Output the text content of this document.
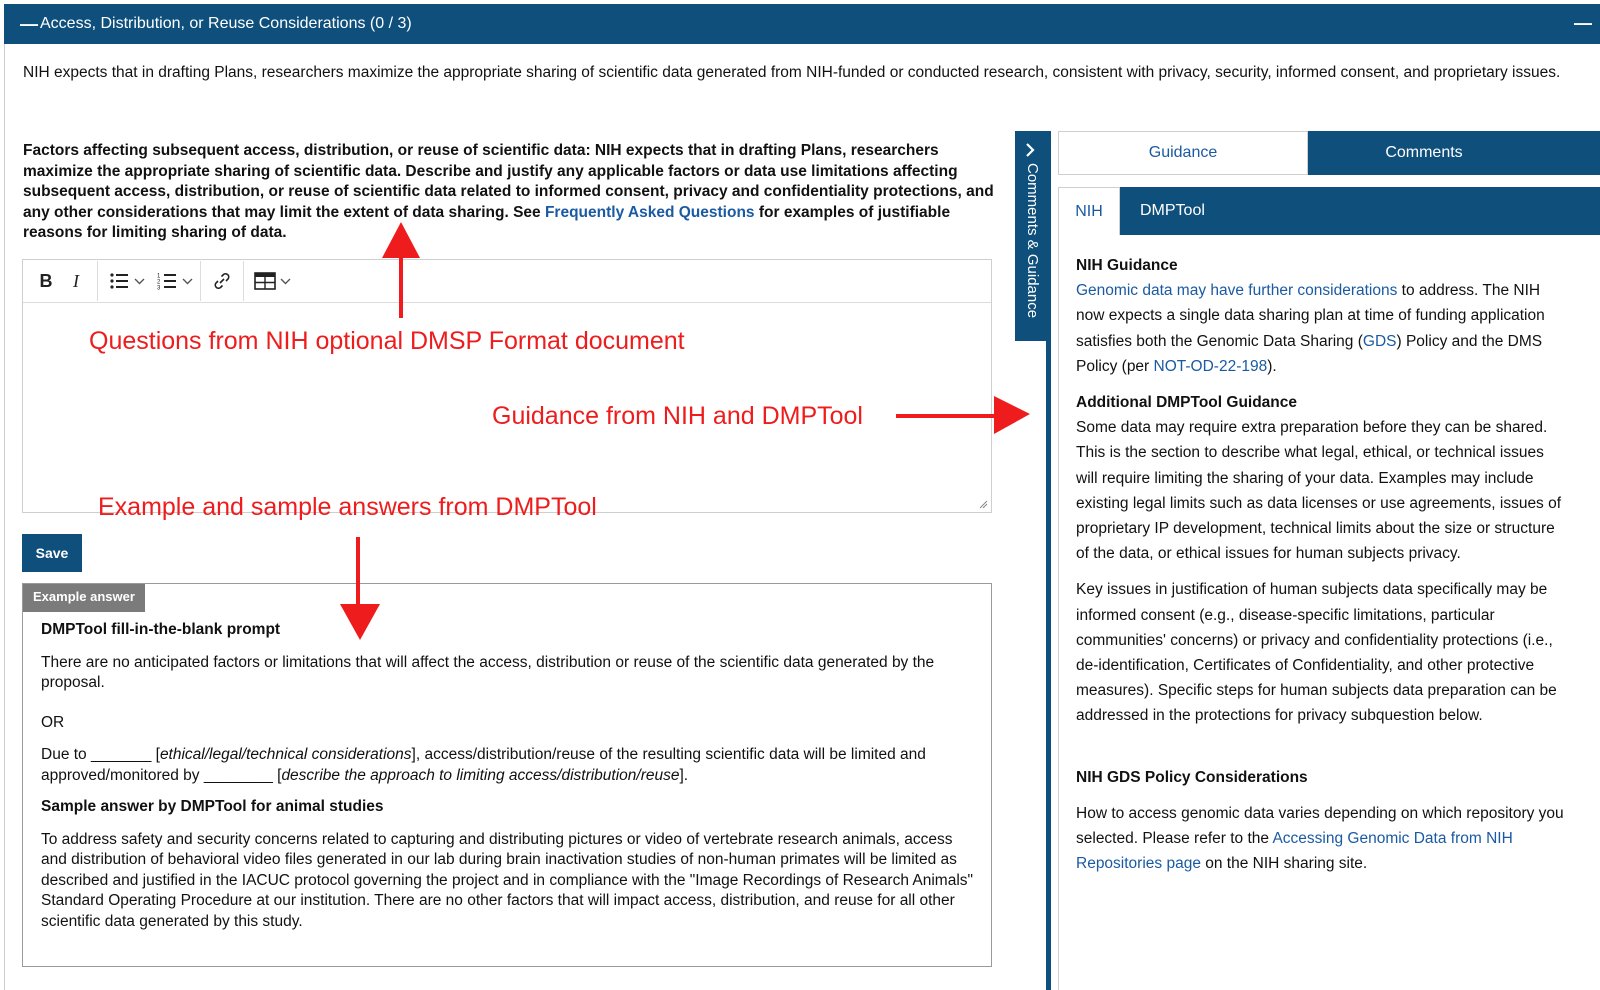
— Access, Distribution, or Reuse Considerations (0 / 3)	—
NIH expects that in drafting Plans, researchers maximize the appropriate sharing of scientific data generated from NIH-funded or conducted research, consistent with privacy, security, informed consent, and proprietary issues.
Factors affecting subsequent access, distribution, or reuse of scientific data: NIH expects that in drafting Plans, researchers maximize the appropriate sharing of scientific data. Describe and justify any applicable factors or data use limitations affecting subsequent access, distribution, or reuse of scientific data related to informed consent, privacy and confidentiality protections, and any other considerations that may limit the extent of data sharing. See Frequently Asked Questions for examples of justifiable reasons for limiting sharing of data.
B	I	1
2
3
Save
Example answer
DMPTool fill-in-the-blank prompt

There are no anticipated factors or limitations that will affect the access, distribution or reuse of the scientific data generated by the proposal.

OR

Due to _______ [ethical/legal/technical considerations], access/distribution/reuse of the resulting scientific data will be limited and approved/monitored by ________ [describe the approach to limiting access/distribution/reuse].

Sample answer by DMPTool for animal studies

To address safety and security concerns related to capturing and distributing pictures or video of vertebrate research animals, access and distribution of behavioral video files generated in our lab during brain inactivation studies of non-human primates will be limited as described and justified in the IACUC protocol governing the project and in compliance with the "Image Recordings of Research Animals" Standard Operating Procedure at our institution. There are no other factors that will impact access, distribution, and reuse for all other scientific data generated by this study.

Comments & Guidance
Guidance	Comments
NIH	DMPTool
NIH Guidance

Genomic data may have further considerations to address. The NIH now expects a single data sharing plan at time of funding application satisfies both the Genomic Data Sharing (GDS) Policy and the DMS Policy (per NOT-OD-22-198).

Additional DMPTool Guidance

Some data may require extra preparation before they can be shared. This is the section to describe what legal, ethical, or technical issues will require limiting the sharing of your data. Examples may include existing legal limits such as data licenses or use agreements, issues of proprietary IP development, technical limits about the size or structure of the data, or ethical issues for human subjects privacy.

Key issues in justification of human subjects data specifically may be informed consent (e.g., disease-specific limitations, particular communities' concerns) or privacy and confidentiality protections (i.e., de-identification, Certificates of Confidentiality, and other protective measures). Specific steps for human subjects data preparation can be addressed in the protections for privacy subquestion below.

NIH GDS Policy Considerations

How to access genomic data varies depending on which repository you selected. Please refer to the Accessing Genomic Data from NIH Repositories page on the NIH sharing site.

Questions from NIH optional DMSP Format document
Guidance from NIH and DMPTool
Example and sample answers from DMPTool
